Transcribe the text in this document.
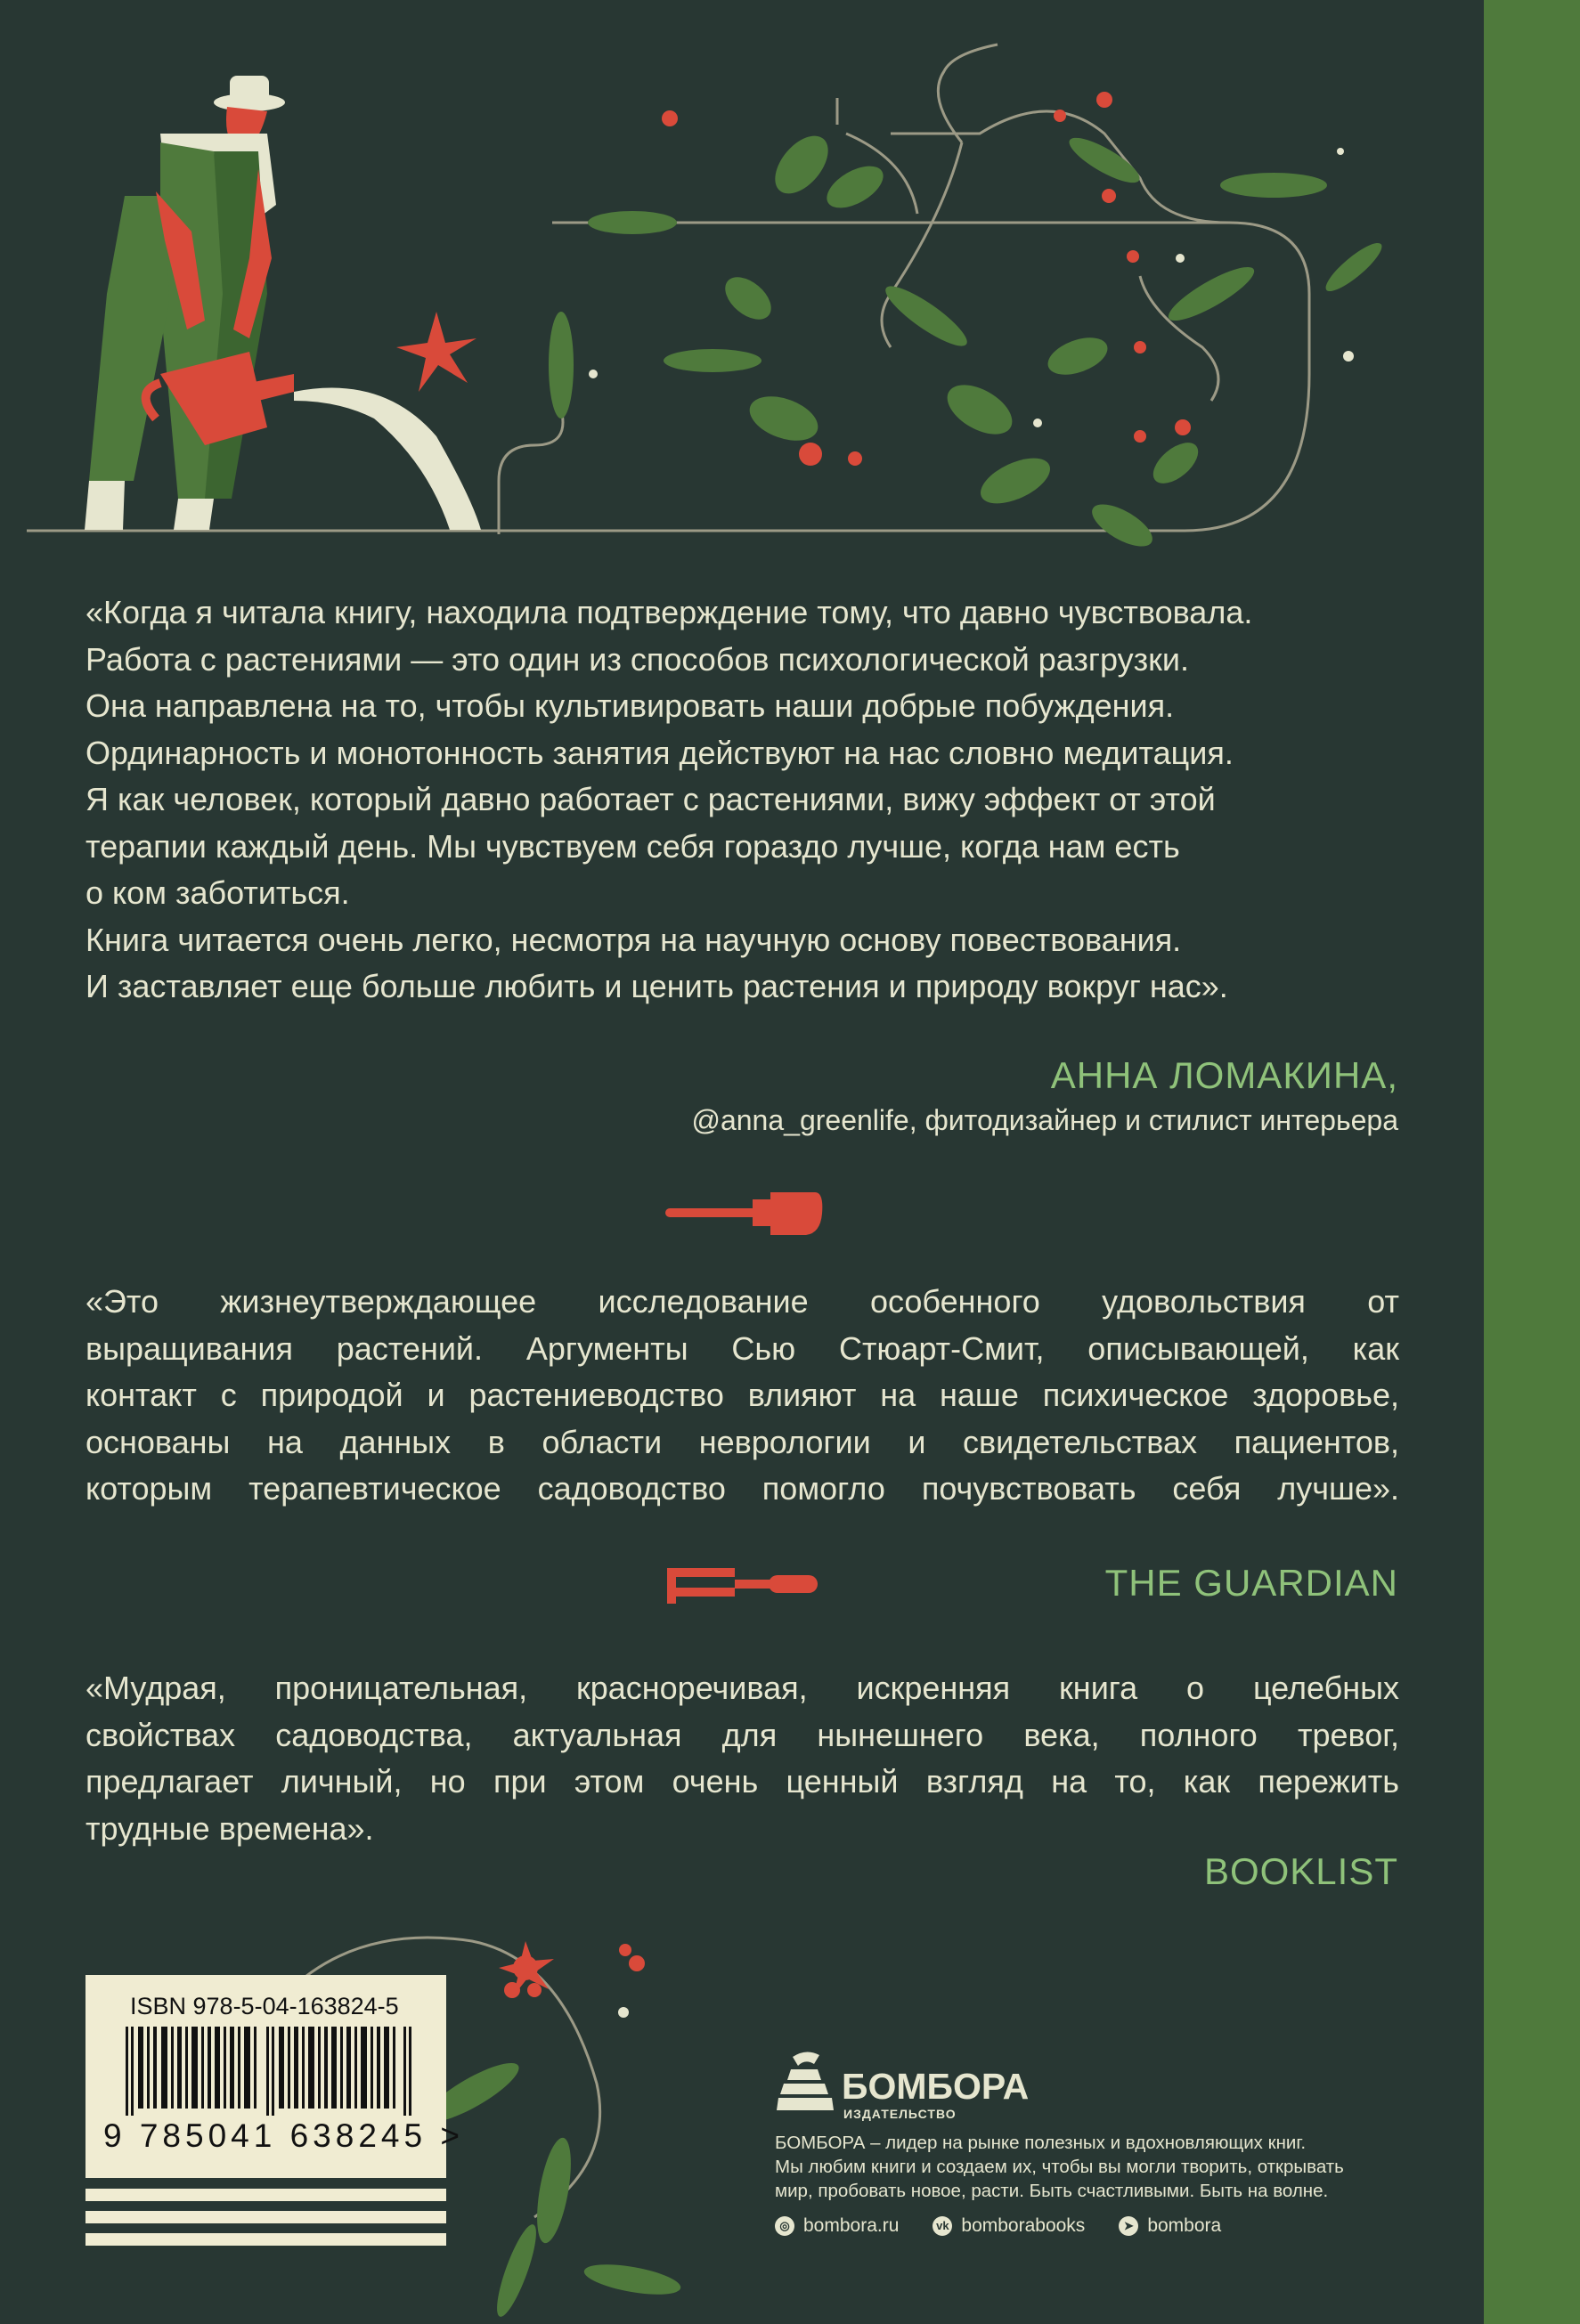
«Когда я читала книгу, находила подтверждение тому, что давно чувствовала.
Работа с растениями — это один из способов психологической разгрузки.
Она направлена на то, чтобы культивировать наши добрые побуждения.
Ординарность и монотонность занятия действуют на нас словно медитация.
Я как человек, который давно работает с растениями, вижу эффект от этой
терапии каждый день. Мы чувствуем себя гораздо лучше, когда нам есть
о ком заботиться.
Книга читается очень легко, несмотря на научную основу повествования.
И заставляет еще больше любить и ценить растения и природу вокруг нас».
АННА ЛОМАКИНА,
@anna_greenlife, фитодизайнер и стилист интерьера
«Это жизнеутверждающее исследование особенного удовольствия от
выращивания растений. Аргументы Сью Стюарт-Смит, описывающей, как
контакт с природой и растениеводство влияют на наше психическое здоровье,
основаны на данных в области неврологии и свидетельствах пациентов,
которым терапевтическое садоводство помогло почувствовать себя лучше».
THE GUARDIAN
«Мудрая, проницательная, красноречивая, искренняя книга о целебных
свойствах садоводства, актуальная для нынешнего века, полного тревог,
предлагает личный, но при этом очень ценный взгляд на то, как пережить
трудные времена».
BOOKLIST
ISBN 978-5-04-163824-5
9 785041 638245 >
БОМБОРА
ИЗДАТЕЛЬСТВО
БОМБОРА – лидер на рынке полезных и вдохновляющих книг.
Мы любим книги и создаем их, чтобы вы могли творить, открывать
мир, пробовать новое, расти. Быть счастливыми. Быть на волне.
◎ bombora.ru	vk bomborabooks	➤ bombora
